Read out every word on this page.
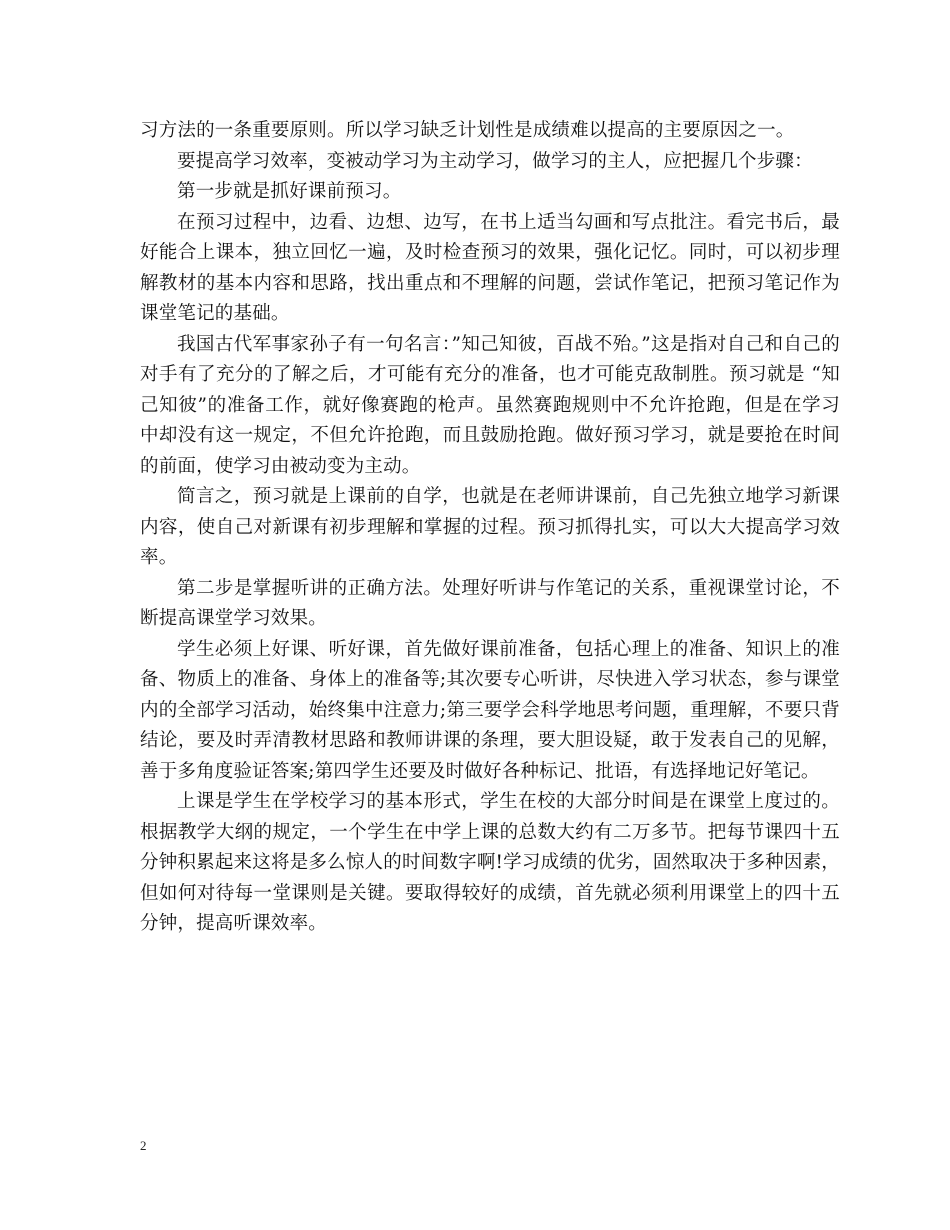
习方法的一条重要原则。所以学习缺乏计划性是成绩难以提高的主要原因之一。

要提高学习效率，变被动学习为主动学习，做学习的主人，应把握几个步骤：

第一步就是抓好课前预习。

在预习过程中，边看、边想、边写，在书上适当勾画和写点批注。看完书后，最好能合上课本，独立回忆一遍，及时检查预习的效果，强化记忆。同时，可以初步理解教材的基本内容和思路，找出重点和不理解的问题，尝试作笔记，把预习笔记作为课堂笔记的基础。

我国古代军事家孙子有一句名言：”知己知彼，百战不殆。”这是指对自己和自己的对手有了充分的了解之后，才可能有充分的准备，也才可能克敌制胜。预习就是 “知己知彼”的准备工作，就好像赛跑的枪声。虽然赛跑规则中不允许抢跑，但是在学习中却没有这一规定，不但允许抢跑，而且鼓励抢跑。做好预习学习，就是要抢在时间的前面，使学习由被动变为主动。

简言之，预习就是上课前的自学，也就是在老师讲课前，自己先独立地学习新课内容，使自己对新课有初步理解和掌握的过程。预习抓得扎实，可以大大提高学习效率。

第二步是掌握听讲的正确方法。处理好听讲与作笔记的关系，重视课堂讨论，不断提高课堂学习效果。

学生必须上好课、听好课，首先做好课前准备，包括心理上的准备、知识上的准备、物质上的准备、身体上的准备等;其次要专心听讲，尽快进入学习状态，参与课堂内的全部学习活动，始终集中注意力;第三要学会科学地思考问题，重理解，不要只背结论，要及时弄清教材思路和教师讲课的条理，要大胆设疑，敢于发表自己的见解，善于多角度验证答案;第四学生还要及时做好各种标记、批语，有选择地记好笔记。

上课是学生在学校学习的基本形式，学生在校的大部分时间是在课堂上度过的。根据教学大纲的规定，一个学生在中学上课的总数大约有二万多节。把每节课四十五分钟积累起来这将是多么惊人的时间数字啊!学习成绩的优劣，固然取决于多种因素，但如何对待每一堂课则是关键。要取得较好的成绩，首先就必须利用课堂上的四十五分钟，提高听课效率。

2
